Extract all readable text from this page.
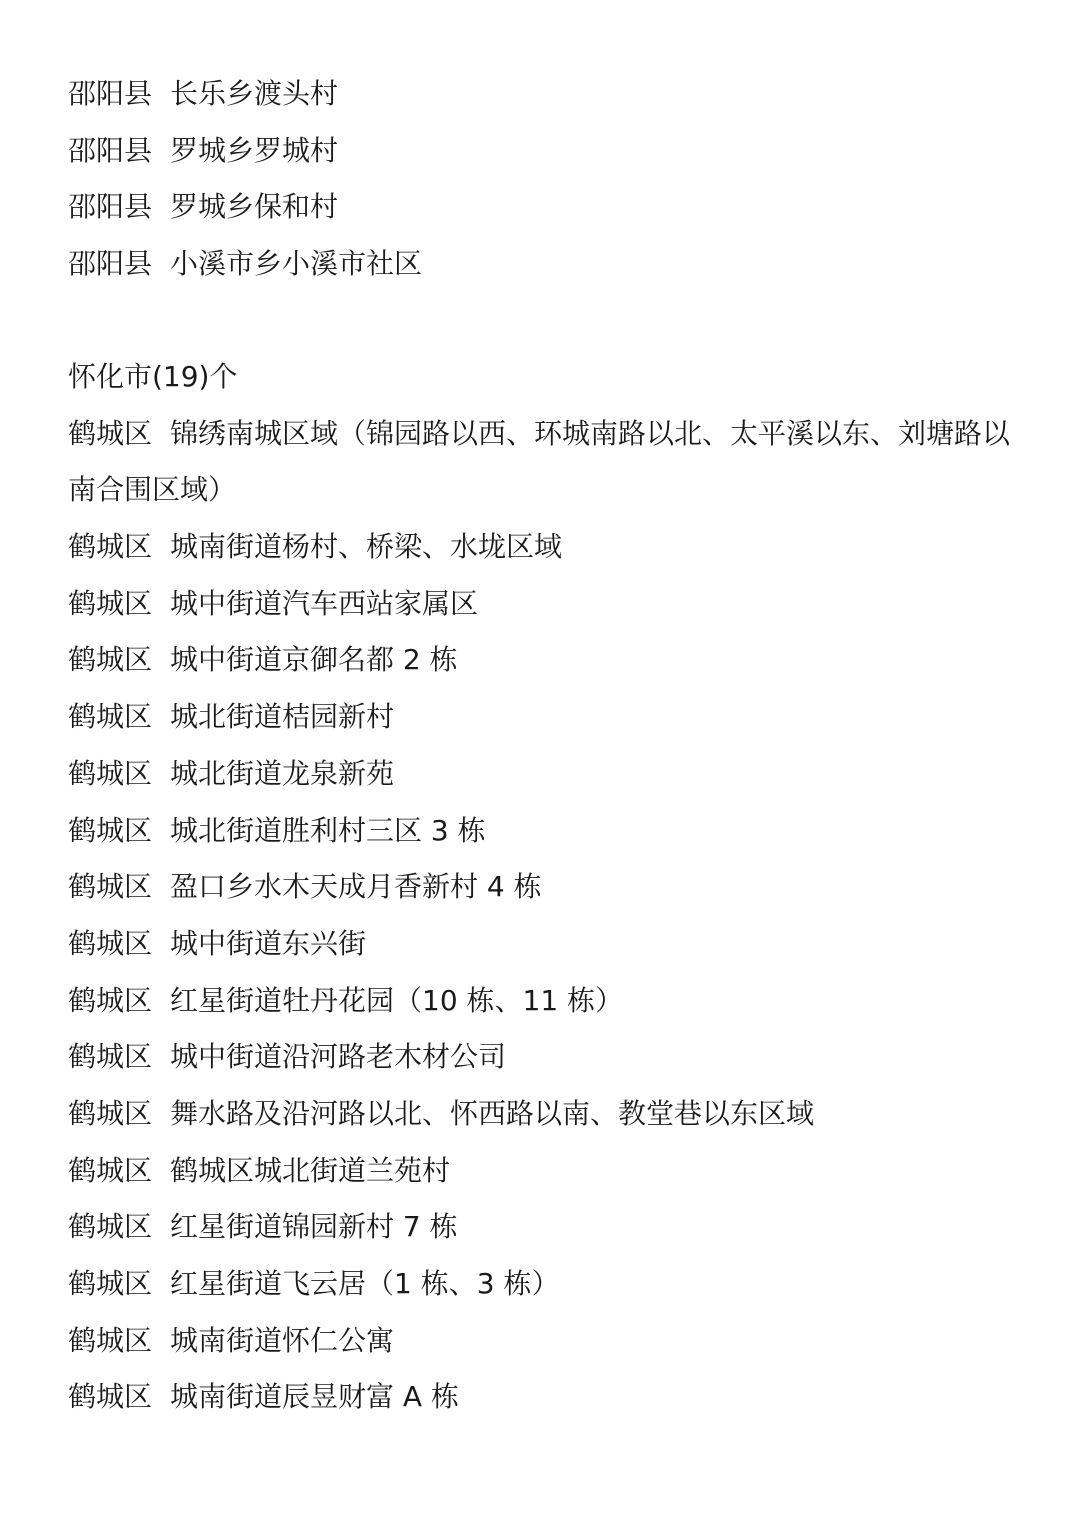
邵阳县 长乐乡渡头村
邵阳县 罗城乡罗城村
邵阳县 罗城乡保和村
邵阳县 小溪市乡小溪市社区
怀化市(19)个
鹤城区 锦绣南城区域（锦园路以西、环城南路以北、太平溪以东、刘塘路以南合围区域）
鹤城区 城南街道杨村、桥梁、水垅区域
鹤城区 城中街道汽车西站家属区
鹤城区 城中街道京御名都 2 栋
鹤城区 城北街道桔园新村
鹤城区 城北街道龙泉新苑
鹤城区 城北街道胜利村三区 3 栋
鹤城区 盈口乡水木天成月香新村 4 栋
鹤城区 城中街道东兴街
鹤城区 红星街道牡丹花园（10 栋、11 栋）
鹤城区 城中街道沿河路老木材公司
鹤城区 舞水路及沿河路以北、怀西路以南、教堂巷以东区域
鹤城区 鹤城区城北街道兰苑村
鹤城区 红星街道锦园新村 7 栋
鹤城区 红星街道飞云居（1 栋、3 栋）
鹤城区 城南街道怀仁公寓
鹤城区 城南街道辰昱财富 A 栋
